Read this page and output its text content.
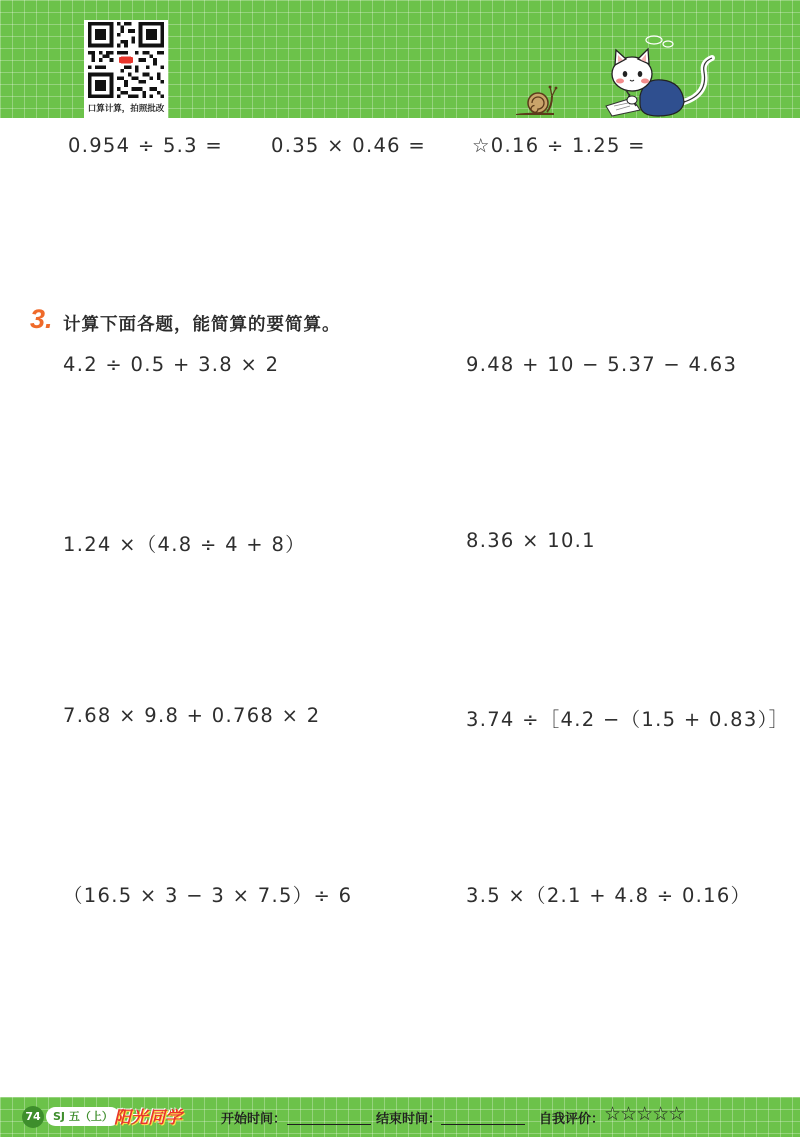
口算计算，拍照批改
0.954 ÷ 5.3 = 0.35 × 0.46 = ☆0.16 ÷ 1.25 =
3. 计算下面各题，能简算的要简算。
4.2 ÷ 0.5 + 3.8 × 2	9.48 + 10 − 5.37 − 4.63
1.24 ×（4.8 ÷ 4 + 8）	8.36 × 10.1
7.68 × 9.8 + 0.768 × 2	3.74 ÷［4.2 −（1.5 + 0.83）］
（16.5 × 3 − 3 × 7.5）÷ 6	3.5 ×（2.1 + 4.8 ÷ 0.16）
74	SJ 五（上） 阳光同学	开始时间：	结束时间：	自我评价： ☆☆☆☆☆
